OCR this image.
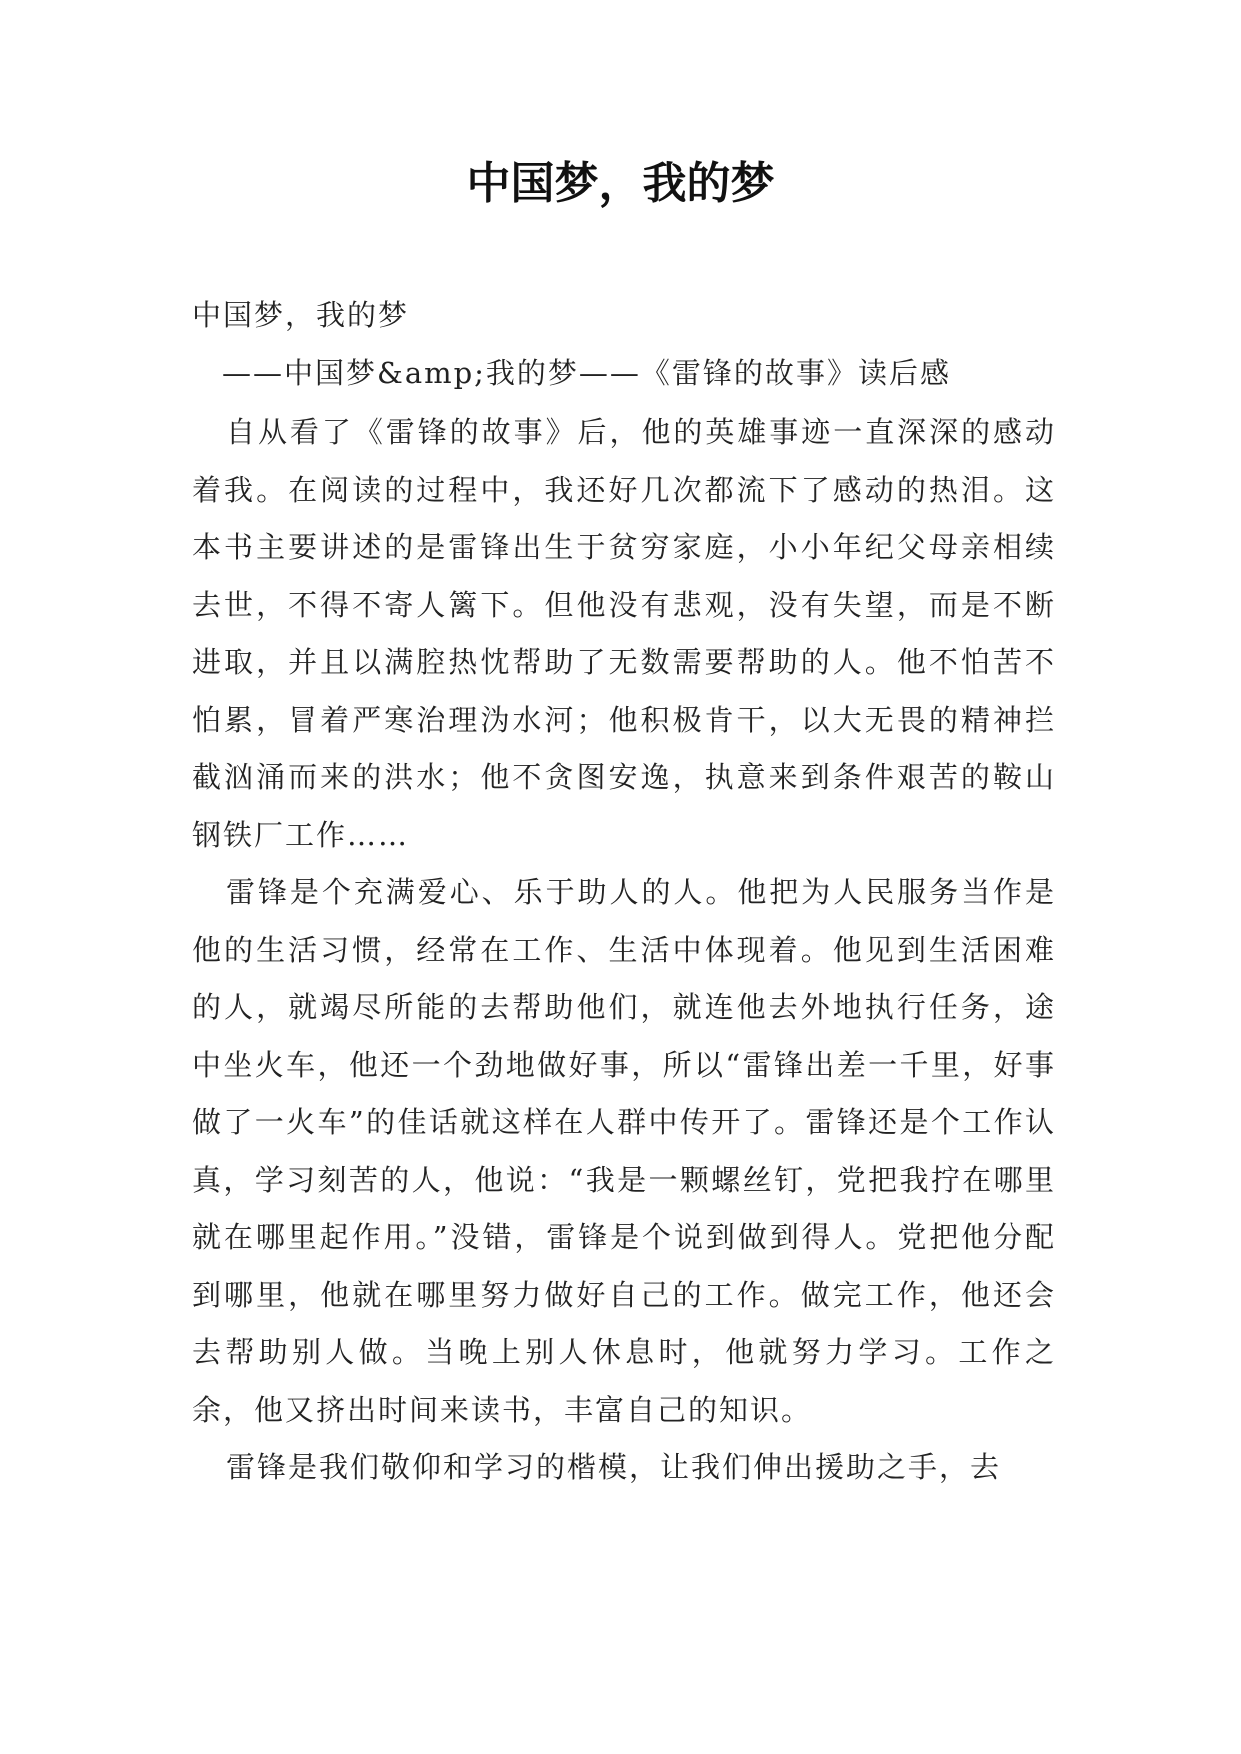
中国梦，我的梦

中国梦，我的梦

——中国梦&amp;我的梦——《雷锋的故事》读后感

自从看了《雷锋的故事》后，他的英雄事迹一直深深的感动着我。在阅读的过程中，我还好几次都流下了感动的热泪。这本书主要讲述的是雷锋出生于贫穷家庭，小小年纪父母亲相续去世，不得不寄人篱下。但他没有悲观，没有失望，而是不断进取，并且以满腔热忱帮助了无数需要帮助的人。他不怕苦不怕累，冒着严寒治理沩水河；他积极肯干，以大无畏的精神拦截汹涌而来的洪水；他不贪图安逸，执意来到条件艰苦的鞍山钢铁厂工作……

雷锋是个充满爱心、乐于助人的人。他把为人民服务当作是他的生活习惯，经常在工作、生活中体现着。他见到生活困难的人，就竭尽所能的去帮助他们，就连他去外地执行任务，途中坐火车，他还一个劲地做好事，所以“雷锋出差一千里，好事做了一火车”的佳话就这样在人群中传开了。雷锋还是个工作认真，学习刻苦的人，他说：“我是一颗螺丝钉，党把我拧在哪里就在哪里起作用。”没错，雷锋是个说到做到得人。党把他分配到哪里，他就在哪里努力做好自己的工作。做完工作，他还会去帮助别人做。当晚上别人休息时，他就努力学习。工作之余，他又挤出时间来读书，丰富自己的知识。

雷锋是我们敬仰和学习的楷模，让我们伸出援助之手，去
